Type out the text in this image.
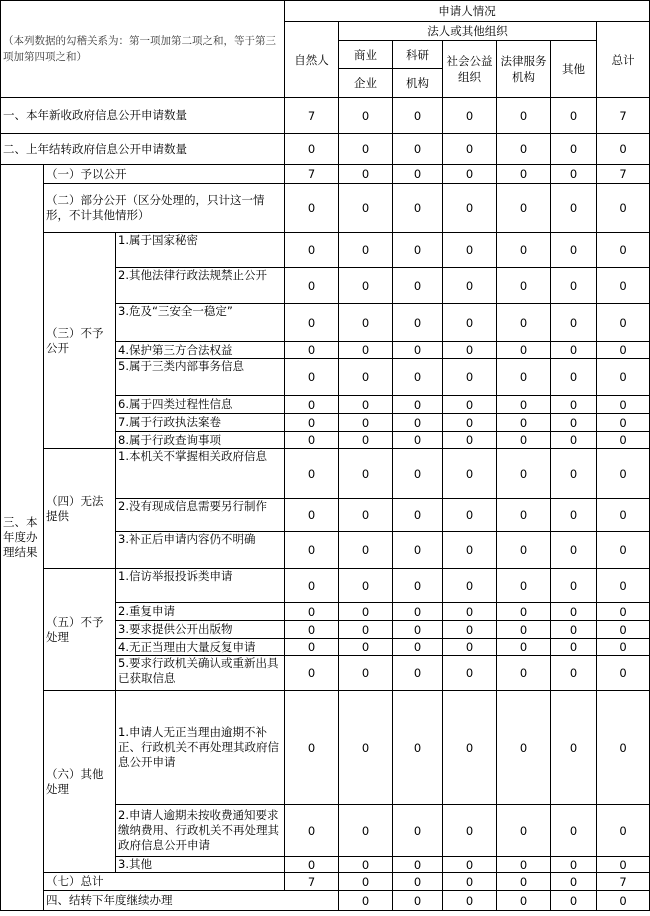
（本列数据的勾稽关系为：第一项加第二项之和，等于第三项加第四项之和）			申请人情况							
			自然人	法人或其他组织					总计	
				商业	科研	社会公益组织	法律服务机构	其他		
				企业	机构					
一、本年新收政府信息公开申请数量			7	0	0	0	0	0	7	
二、上年结转政府信息公开申请数量			0	0	0	0	0	0	0	
三、本年度办理结果	（一）予以公开		7	0	0	0	0	0	7	
	（二）部分公开（区分处理的，只计这一情形，不计其他情形）		0	0	0	0	0	0	0	
	（三）不予公开	1.属于国家秘密	0	0	0	0	0	0	0	
		2.其他法律行政法规禁止公开	0	0	0	0	0	0	0	
		3.危及“三安全一稳定”	0	0	0	0	0	0	0	
		4.保护第三方合法权益	0	0	0	0	0	0	0	
		5.属于三类内部事务信息	0	0	0	0	0	0	0	
		6.属于四类过程性信息	0	0	0	0	0	0	0	
		7.属于行政执法案卷	0	0	0	0	0	0	0	
		8.属于行政查询事项	0	0	0	0	0	0	0	
	（四）无法提供	1.本机关不掌握相关政府信息	0	0	0	0	0	0	0	
		2.没有现成信息需要另行制作	0	0	0	0	0	0	0	
		3.补正后申请内容仍不明确	0	0	0	0	0	0	0	
	（五）不予处理	1.信访举报投诉类申请	0	0	0	0	0	0	0	
		2.重复申请	0	0	0	0	0	0	0	
		3.要求提供公开出版物	0	0	0	0	0	0	0	
		4.无正当理由大量反复申请	0	0	0	0	0	0	0	
		5.要求行政机关确认或重新出具已获取信息	0	0	0	0	0	0	0	
	（六）其他处理	1.申请人无正当理由逾期不补正、行政机关不再处理其政府信息公开申请	0	0	0	0	0	0	0	
		2.申请人逾期未按收费通知要求缴纳费用、行政机关不再处理其政府信息公开申请	0	0	0	0	0	0	0	
		3.其他	0	0	0	0	0	0	0	
	（七）总计		7	0	0	0	0	0	7	
	四、结转下年度继续办理			0	0	0	0	0	0	
